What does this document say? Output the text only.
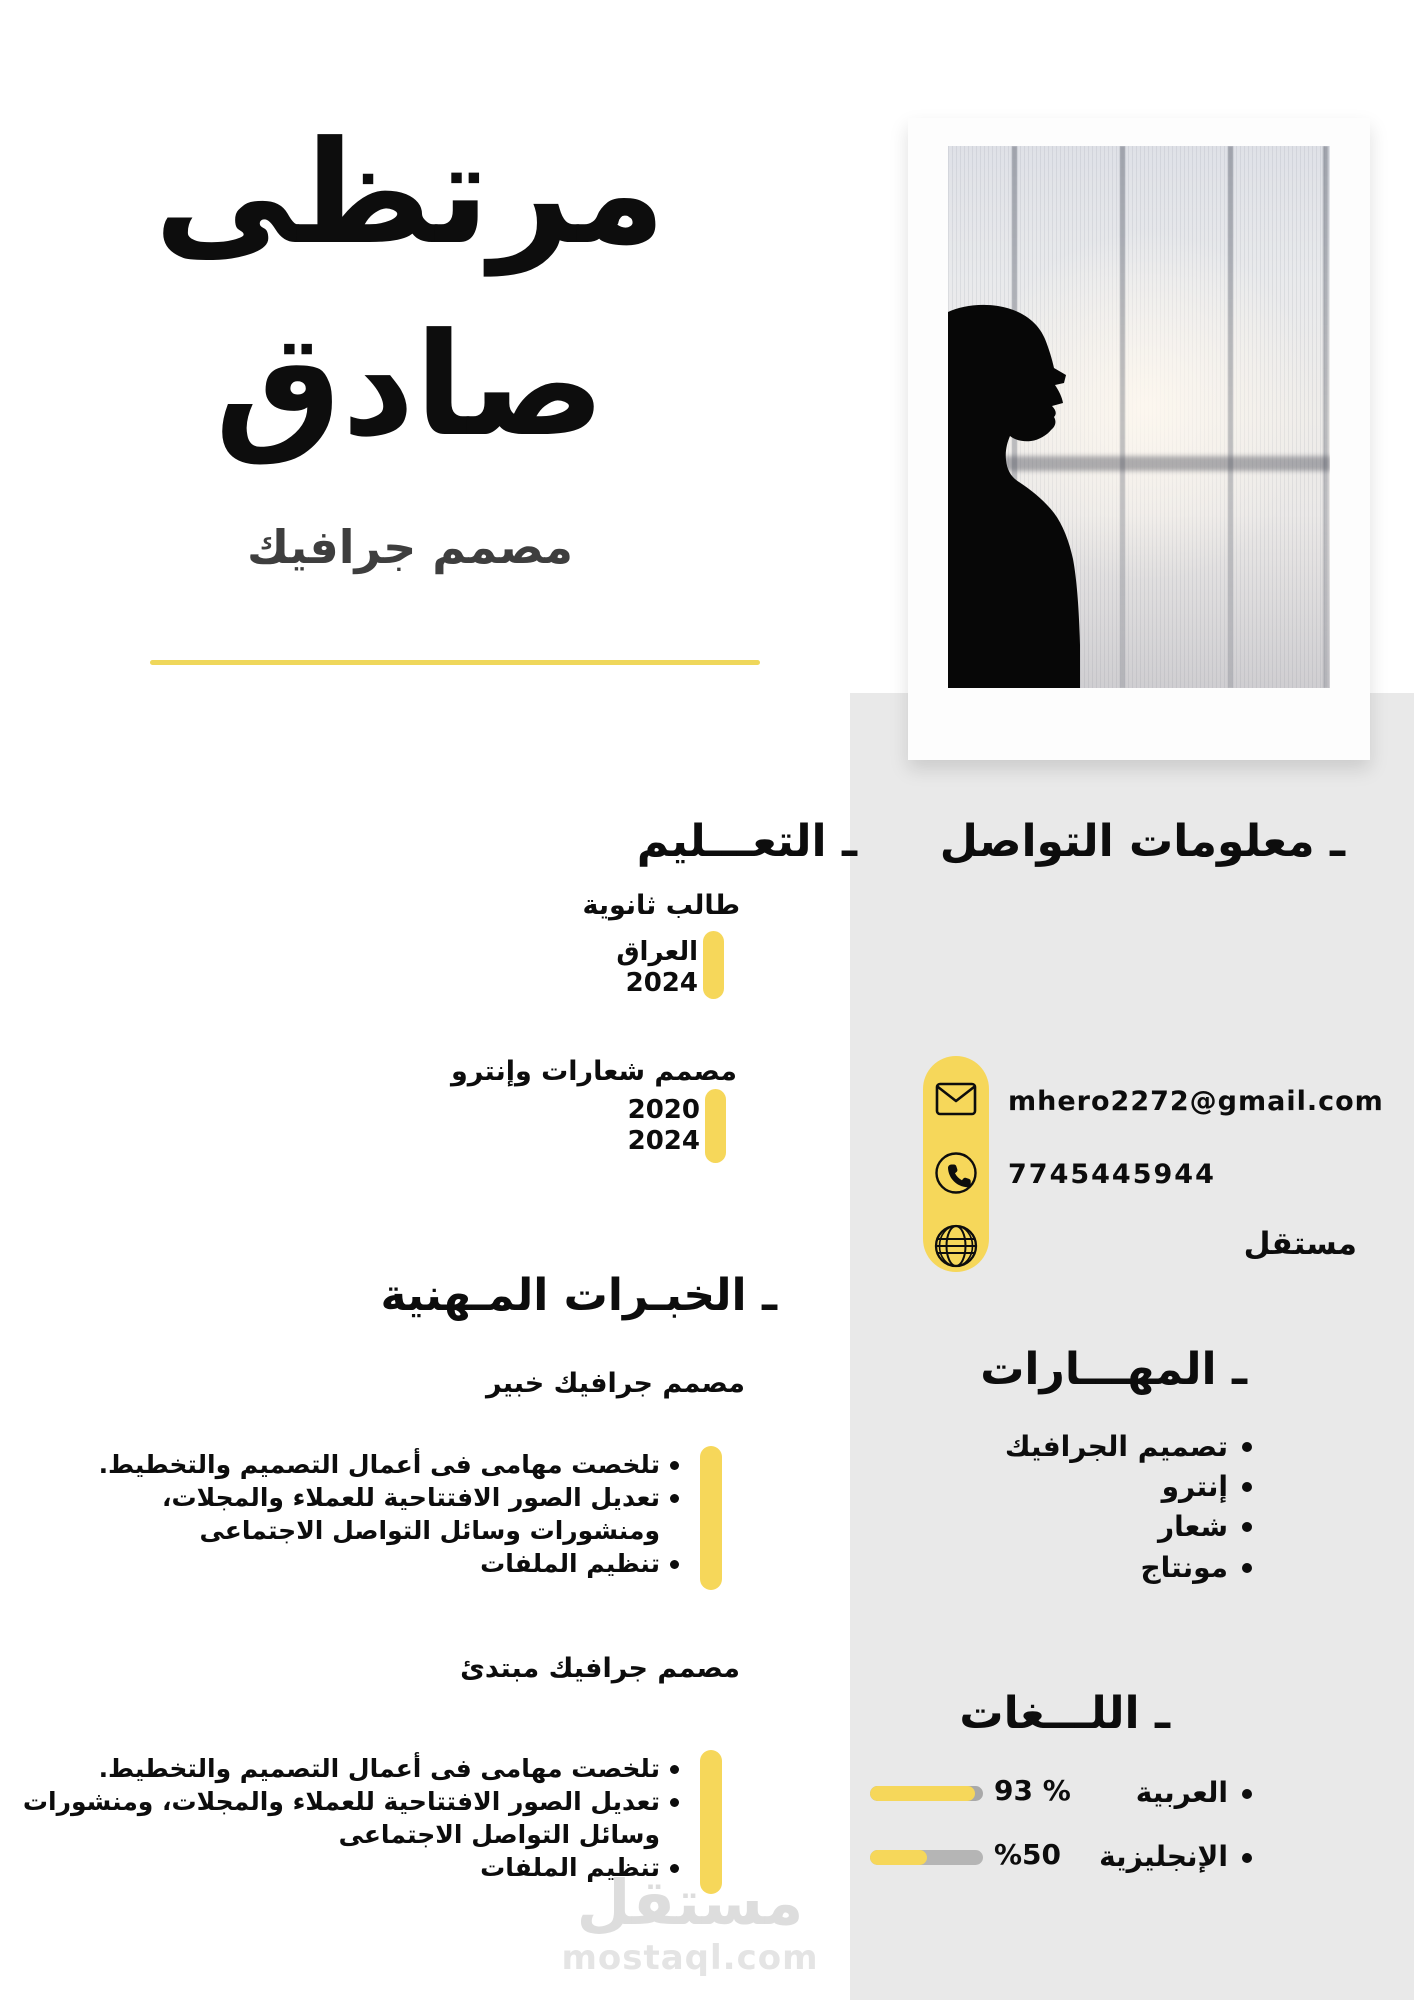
مرتظى
صادق
مصمم جرافيك
ـ معلومات التواصل
mhero2272@gmail.com
7745445944
مستقل
ـ التعـــليم
طالب ثانوية
العراق
2024
مصمم شعارات وإنترو
2020
2024
ـ المهـــارات
تصميم الجرافيك
إنترو
شعار
مونتاج
ـ الخبـرات المـهنية
مصمم جرافيك خبير
تلخصت مهامى فى أعمال التصميم والتخطيط.
تعديل الصور الافتتاحية للعملاء والمجلات،
ومنشورات وسائل التواصل الاجتماعى
تنظيم الملفات
مصمم جرافيك مبتدئ
تلخصت مهامى فى أعمال التصميم والتخطيط.
تعديل الصور الافتتاحية للعملاء والمجلات، ومنشورات
وسائل التواصل الاجتماعى
تنظيم الملفات
ـ اللـــغات
العربية
93 %
الإنجليزية
%50
مستقل
mostaql.com
